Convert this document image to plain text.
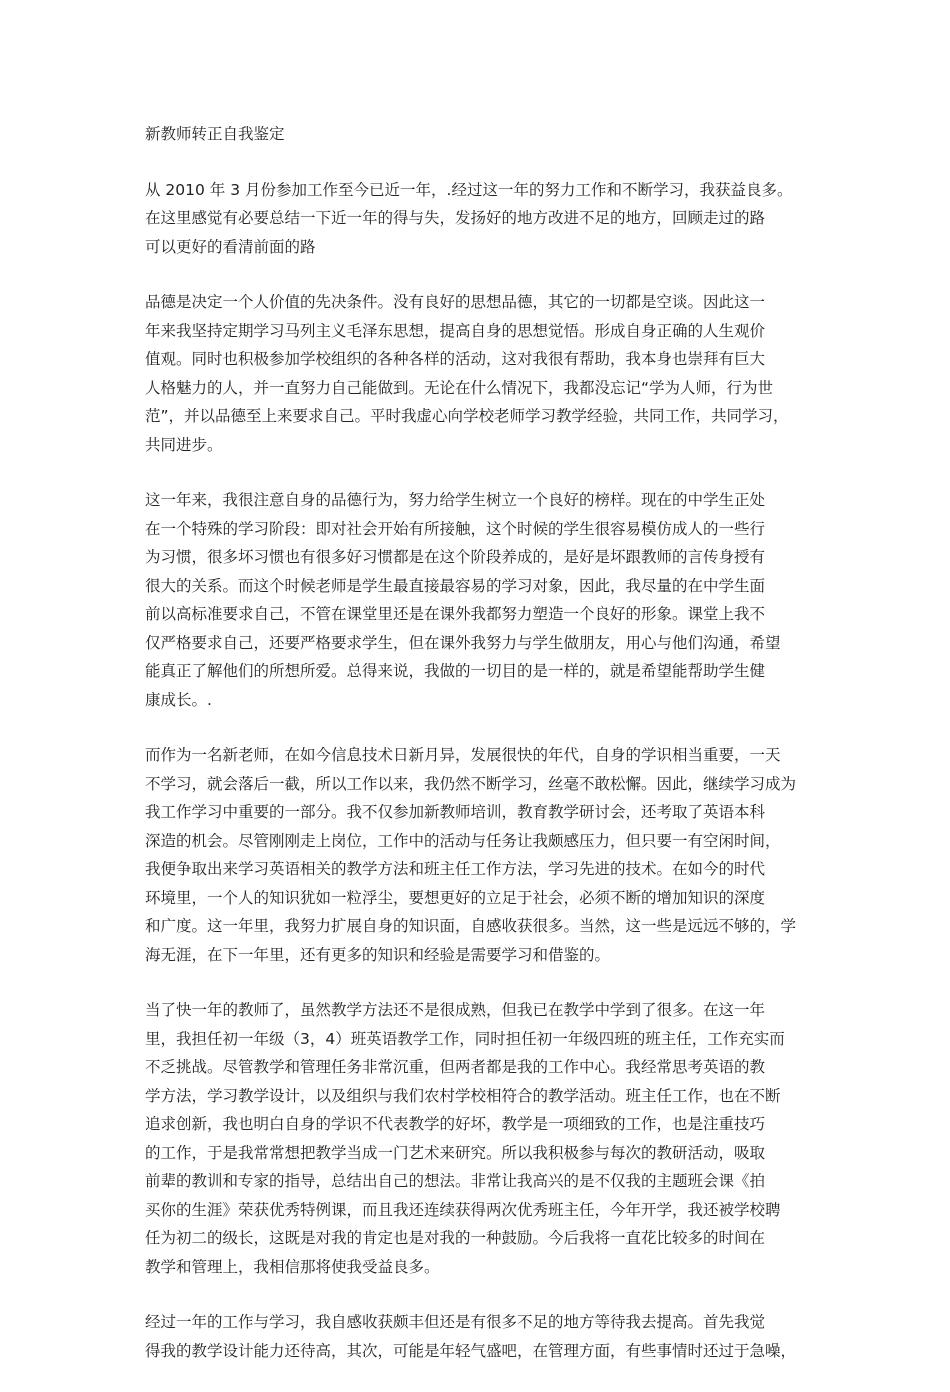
新教师转正自我鉴定
从 2010 年 3 月份参加工作至今已近一年，.经过这一年的努力工作和不断学习，我获益良多。
在这里感觉有必要总结一下近一年的得与失，发扬好的地方改进不足的地方，回顾走过的路
可以更好的看清前面的路
品德是决定一个人价值的先决条件。没有良好的思想品德，其它的一切都是空谈。因此这一
年来我坚持定期学习马列主义毛泽东思想，提高自身的思想觉悟。形成自身正确的人生观价
值观。同时也积极参加学校组织的各种各样的活动，这对我很有帮助，我本身也崇拜有巨大
人格魅力的人，并一直努力自己能做到。无论在什么情况下，我都没忘记“学为人师，行为世
范”，并以品德至上来要求自己。平时我虚心向学校老师学习教学经验，共同工作，共同学习，
共同进步。
这一年来，我很注意自身的品德行为，努力给学生树立一个良好的榜样。现在的中学生正处
在一个特殊的学习阶段：即对社会开始有所接触，这个时候的学生很容易模仿成人的一些行
为习惯，很多坏习惯也有很多好习惯都是在这个阶段养成的，是好是坏跟教师的言传身授有
很大的关系。而这个时候老师是学生最直接最容易的学习对象，因此，我尽量的在中学生面
前以高标准要求自己，不管在课堂里还是在课外我都努力塑造一个良好的形象。课堂上我不
仅严格要求自己，还要严格要求学生，但在课外我努力与学生做朋友，用心与他们沟通，希望
能真正了解他们的所想所爱。总得来说，我做的一切目的是一样的，就是希望能帮助学生健
康成长。.
而作为一名新老师，在如今信息技术日新月异，发展很快的年代，自身的学识相当重要，一天
不学习，就会落后一截，所以工作以来，我仍然不断学习，丝毫不敢松懈。因此，继续学习成为
我工作学习中重要的一部分。我不仅参加新教师培训，教育教学研讨会，还考取了英语本科
深造的机会。尽管刚刚走上岗位，工作中的活动与任务让我颇感压力，但只要一有空闲时间，
我便争取出来学习英语相关的教学方法和班主任工作方法，学习先进的技术。在如今的时代
环境里，一个人的知识犹如一粒浮尘，要想更好的立足于社会，必须不断的增加知识的深度
和广度。这一年里，我努力扩展自身的知识面，自感收获很多。当然，这一些是远远不够的，学
海无涯，在下一年里，还有更多的知识和经验是需要学习和借鉴的。
当了快一年的教师了，虽然教学方法还不是很成熟，但我已在教学中学到了很多。在这一年
里，我担任初一年级（3，4）班英语教学工作，同时担任初一年级四班的班主任，工作充实而
不乏挑战。尽管教学和管理任务非常沉重，但两者都是我的工作中心。我经常思考英语的教
学方法，学习教学设计，以及组织与我们农村学校相符合的教学活动。班主任工作，也在不断
追求创新，我也明白自身的学识不代表教学的好坏，教学是一项细致的工作，也是注重技巧
的工作，于是我常常想把教学当成一门艺术来研究。所以我积极参与每次的教研活动，吸取
前辈的教训和专家的指导，总结出自己的想法。非常让我高兴的是不仅我的主题班会课《拍
买你的生涯》荣获优秀特例课，而且我还连续获得两次优秀班主任，今年开学，我还被学校聘
任为初二的级长，这既是对我的肯定也是对我的一种鼓励。今后我将一直花比较多的时间在
教学和管理上，我相信那将使我受益良多。
经过一年的工作与学习，我自感收获颇丰但还是有很多不足的地方等待我去提高。首先我觉
得我的教学设计能力还待高，其次，可能是年轻气盛吧，在管理方面，有些事情时还过于急噪，
